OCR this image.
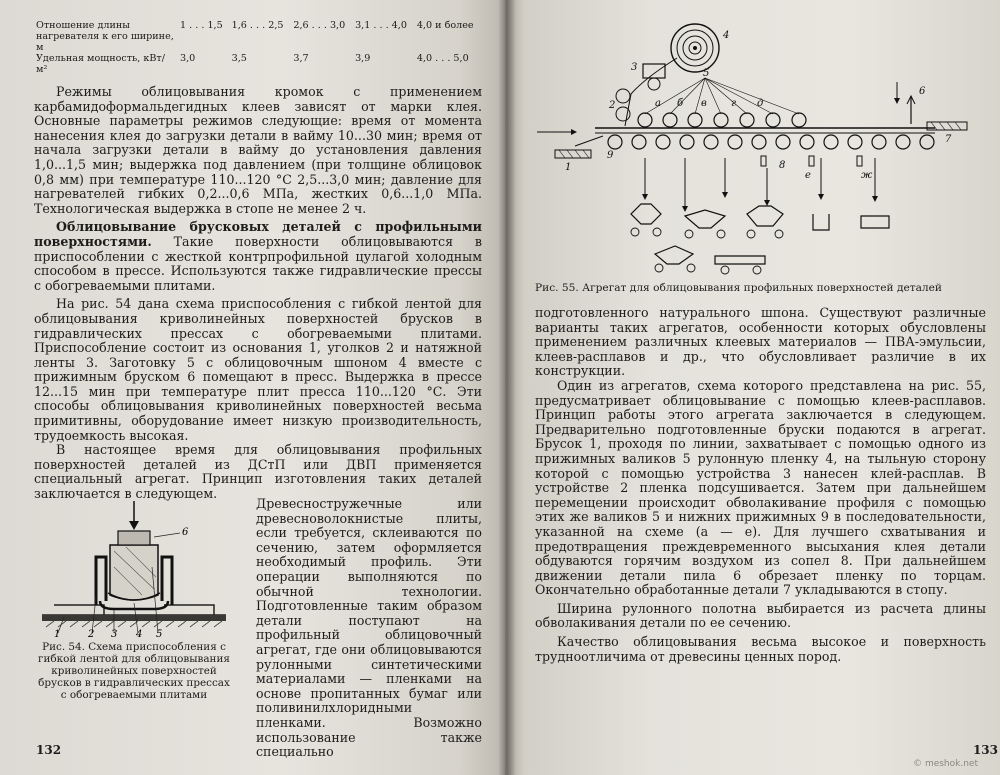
Отношение длины нагревателя к его ширине, м	1 . . . 1,5	1,6 . . . 2,5	2,6 . . . 3,0	3,1 . . . 4,0	4,0 и более
Удельная мощность, кВт/м²	3,0	3,5	3,7	3,9	4,0 . . . 5,0

Режимы облицовывания кромок с применением карбамидоформальдегидных клеев зависят от марки клея. Основные параметры режимов следующие: время от момента нанесения клея до загрузки детали в вайму 10...30 мин; время от начала загрузки детали в вайму до установления давления 1,0...1,5 мин; выдержка под давлением (при толщине облицовок 0,8 мм) при температуре 110...120 °С 2,5...3,0 мин; давление для нагревателей гибких 0,2...0,6 МПа, жестких 0,6...1,0 МПа. Технологическая выдержка в стопе не менее 2 ч.

Облицовывание брусковых деталей с профильными поверхностями. Такие поверхности облицовываются в приспособлении с жесткой контрпрофильной цулагой холодным способом в прессе. Используются также гидравлические прессы с обогреваемыми плитами.

На рис. 54 дана схема приспособления с гибкой лентой для облицовывания криволинейных поверхностей брусков в гидравлических прессах с обогреваемыми плитами. Приспособление состоит из основания 1, уголков 2 и натяжной ленты 3. Заготовку 5 с облицовочным шпоном 4 вместе с прижимным бруском 6 помещают в пресс. Выдержка в прессе 12...15 мин при температуре плит пресса 110...120 °С. Эти способы облицовывания криволинейных поверхностей весьма примитивны, оборудование имеет низкую производительность, трудоемкость высокая.

В настоящее время для облицовывания профильных поверхностей деталей из ДСтП или ДВП применяется специальный агрегат. Принцип изготовления таких деталей заключается в следующем.

1	2 3 4 5
6
Рис. 54. Схема приспособления с гибкой лентой для облицовывания криволинейных поверхностей брусков в гидравлических прессах с обогреваемыми плитами

Древесностружечные или древесноволокнистые плиты, если требуется, склеиваются по сечению, затем оформляется необходимый профиль. Эти операции выполняются по обычной технологии. Подготовленные таким образом детали поступают на профильный облицовочный агрегат, где они облицовываются рулонными синтетическими материалами — пленками на основе пропитанных бумаг или поливинилхлоридными пленками. Возможно использование также специально

132
1
2
3
4
5
6
7
8
9
а б в г д
е	ж
Рис. 55. Агрегат для облицовывания профильных поверхностей деталей

подготовленного натурального шпона. Существуют различные варианты таких агрегатов, особенности которых обусловлены применением различных клеевых материалов — ПВА-эмульсии, клеев-расплавов и др., что обусловливает различие в их конструкции.

Один из агрегатов, схема которого представлена на рис. 55, предусматривает облицовывание с помощью клеев-расплавов. Принцип работы этого агрегата заключается в следующем. Предварительно подготовленные бруски подаются в агрегат. Брусок 1, проходя по линии, захватывает с помощью одного из прижимных валиков 5 рулонную пленку 4, на тыльную сторону которой с помощью устройства 3 нанесен клей-расплав. В устройстве 2 пленка подсушивается. Затем при дальнейшем перемещении происходит обволакивание профиля с помощью этих же валиков 5 и нижних прижимных 9 в последовательности, указанной на схеме (а — е). Для лучшего схватывания и предотвращения преждевременного высыхания клея детали обдуваются горячим воздухом из сопел 8. При дальнейшем движении детали пила 6 обрезает пленку по торцам. Окончательно обработанные детали 7 укладываются в стопу.

Ширина рулонного полотна выбирается из расчета длины обволакивания детали по ее сечению.

Качество облицовывания весьма высокое и поверхность трудноотличима от древесины ценных пород.

133
© meshok.net
